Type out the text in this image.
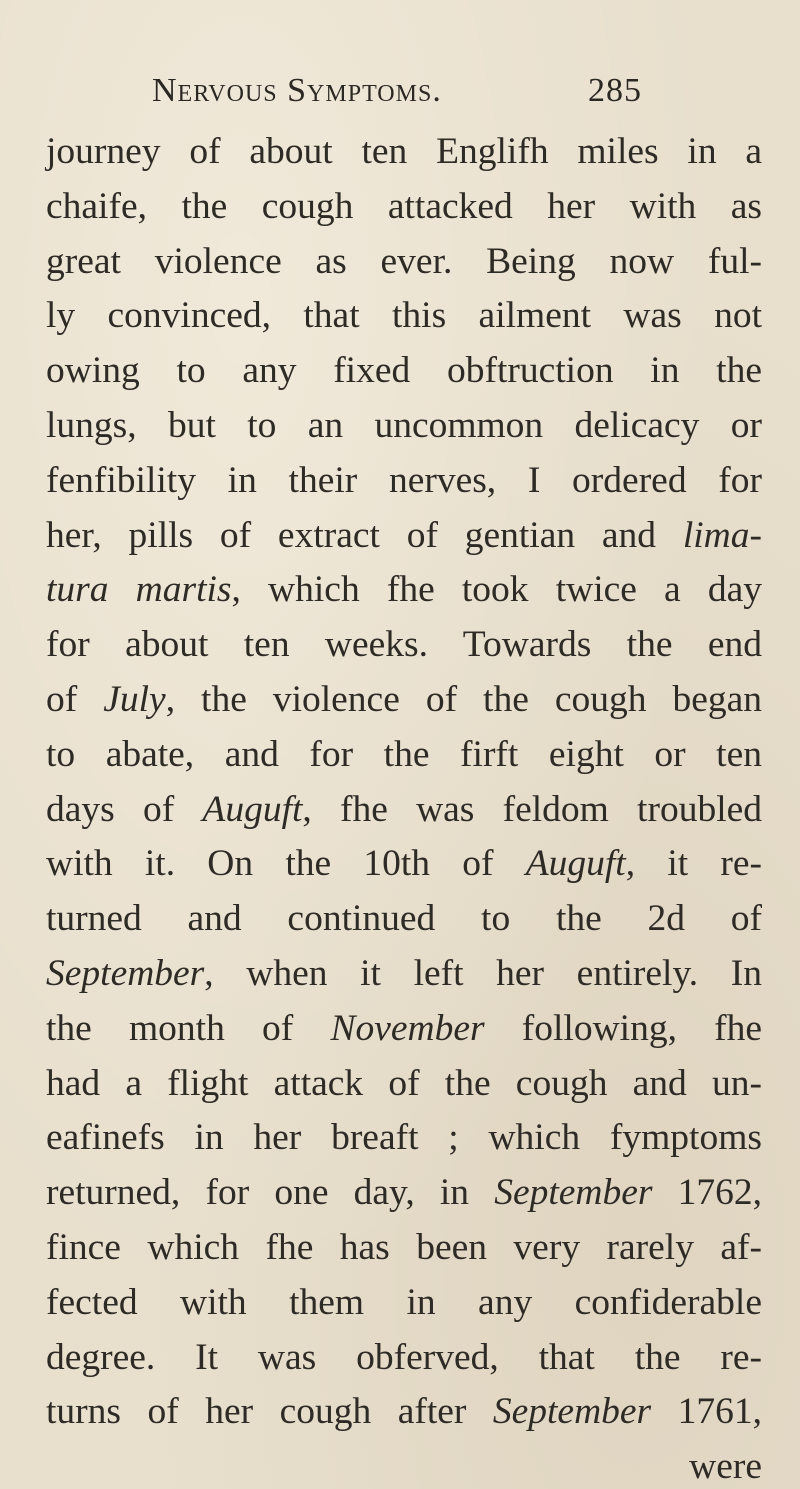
Nervous Symptoms.	285
journey of about ten Englifh miles in a
chaife, the cough attacked her with as
great violence as ever. Being now ful-
ly convinced, that this ailment was not
owing to any fixed obftruction in the
lungs, but to an uncommon delicacy or
fenfibility in their nerves, I ordered for
her, pills of extract of gentian and lima-
tura martis, which fhe took twice a day
for about ten weeks. Towards the end
of July, the violence of the cough began
to abate, and for the firft eight or ten
days of Auguft, fhe was feldom troubled
with it. On the 10th of Auguft, it re-
turned and continued to the 2d of
September, when it left her entirely. In
the month of November following, fhe
had a flight attack of the cough and un-
eafinefs in her breaft ; which fymptoms
returned, for one day, in September 1762,
fince which fhe has been very rarely af-
fected with them in any confiderable
degree. It was obferved, that the re-
turns of her cough after September 1761,
were
